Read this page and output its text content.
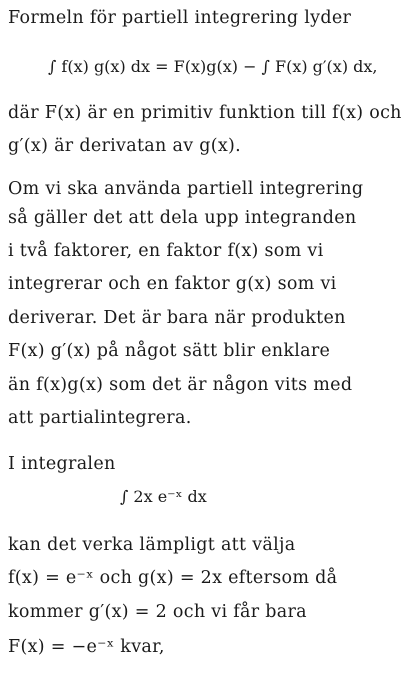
Formeln för partiell integrering lyder
∫ f(x) g(x) dx = F(x)g(x) − ∫ F(x) g′(x) dx,
där F(x) är en primitiv funktion till f(x) och
g′(x) är derivatan av g(x).
Om vi ska använda partiell integrering
så gäller det att dela upp integranden
i två faktorer, en faktor f(x) som vi
integrerar och en faktor g(x) som vi
deriverar. Det är bara när produkten
F(x) g′(x) på något sätt blir enklare
än f(x)g(x) som det är någon vits med
att partialintegrera.
I integralen
∫ 2x e⁻ˣ dx
kan det verka lämpligt att välja
f(x) = e⁻ˣ och g(x) = 2x eftersom då
kommer g′(x) = 2 och vi får bara
F(x) = −e⁻ˣ kvar,
